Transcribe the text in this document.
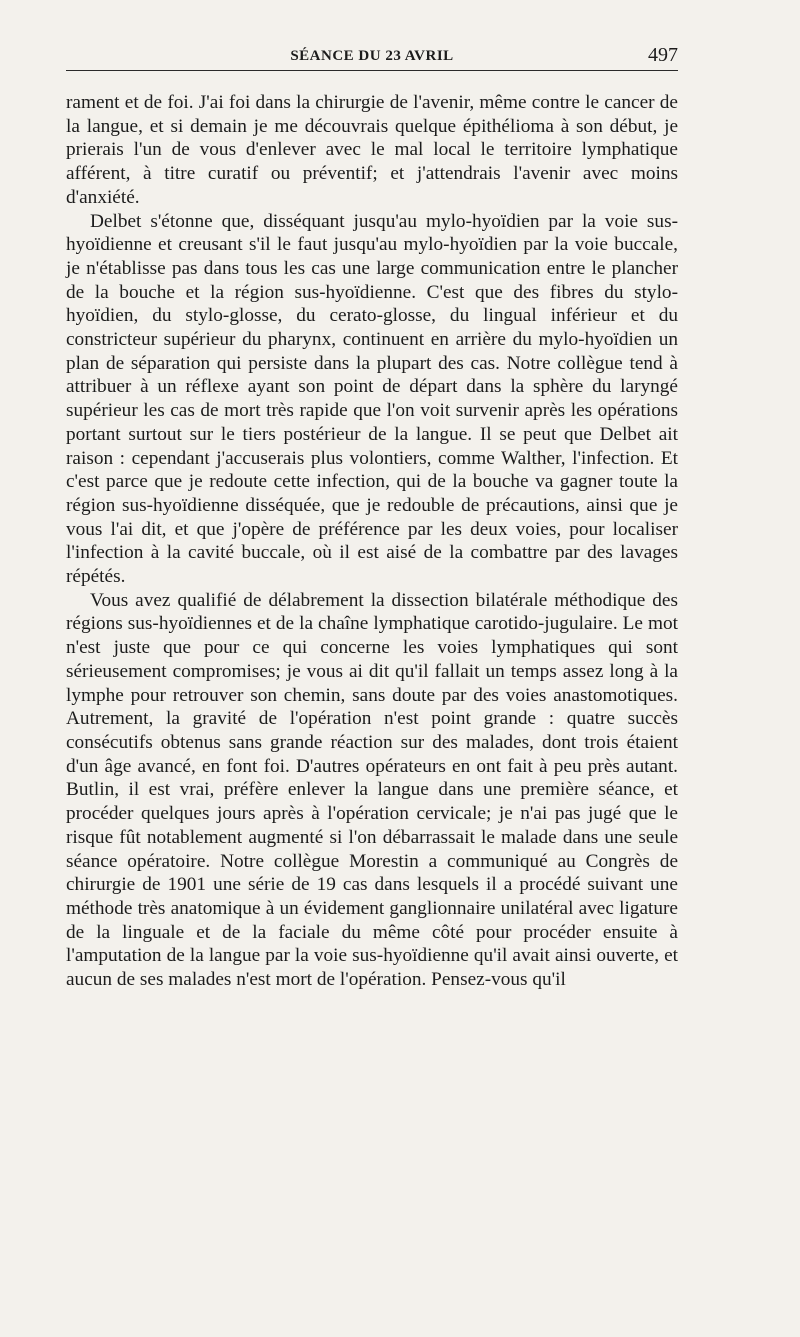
SÉANCE DU 23 AVRIL	497

rament et de foi. J'ai foi dans la chirurgie de l'avenir, même contre le cancer de la langue, et si demain je me découvrais quelque épithélioma à son début, je prierais l'un de vous d'enlever avec le mal local le territoire lymphatique afférent, à titre curatif ou préventif; et j'attendrais l'avenir avec moins d'anxiété.

Delbet s'étonne que, disséquant jusqu'au mylo-hyoïdien par la voie sus-hyoïdienne et creusant s'il le faut jusqu'au mylo-hyoïdien par la voie buccale, je n'établisse pas dans tous les cas une large communication entre le plancher de la bouche et la région sus-hyoïdienne. C'est que des fibres du stylo-hyoïdien, du stylo-glosse, du cerato-glosse, du lingual inférieur et du constricteur supérieur du pharynx, continuent en arrière du mylo-hyoïdien un plan de séparation qui persiste dans la plupart des cas. Notre collègue tend à attribuer à un réflexe ayant son point de départ dans la sphère du laryngé supérieur les cas de mort très rapide que l'on voit survenir après les opérations portant surtout sur le tiers postérieur de la langue. Il se peut que Delbet ait raison : cependant j'accuserais plus volontiers, comme Walther, l'infection. Et c'est parce que je redoute cette infection, qui de la bouche va gagner toute la région sus-hyoïdienne disséquée, que je redouble de précautions, ainsi que je vous l'ai dit, et que j'opère de préférence par les deux voies, pour localiser l'infection à la cavité buccale, où il est aisé de la combattre par des lavages répétés.

Vous avez qualifié de délabrement la dissection bilatérale méthodique des régions sus-hyoïdiennes et de la chaîne lymphatique carotido-jugulaire. Le mot n'est juste que pour ce qui concerne les voies lymphatiques qui sont sérieusement compromises; je vous ai dit qu'il fallait un temps assez long à la lymphe pour retrouver son chemin, sans doute par des voies anastomotiques. Autrement, la gravité de l'opération n'est point grande : quatre succès consécutifs obtenus sans grande réaction sur des malades, dont trois étaient d'un âge avancé, en font foi. D'autres opérateurs en ont fait à peu près autant. Butlin, il est vrai, préfère enlever la langue dans une première séance, et procéder quelques jours après à l'opération cervicale; je n'ai pas jugé que le risque fût notablement augmenté si l'on débarrassait le malade dans une seule séance opératoire. Notre collègue Morestin a communiqué au Congrès de chirurgie de 1901 une série de 19 cas dans lesquels il a procédé suivant une méthode très anatomique à un évidement ganglionnaire unilatéral avec ligature de la linguale et de la faciale du même côté pour procéder ensuite à l'amputation de la langue par la voie sus-hyoïdienne qu'il avait ainsi ouverte, et aucun de ses malades n'est mort de l'opération. Pensez-vous qu'il
